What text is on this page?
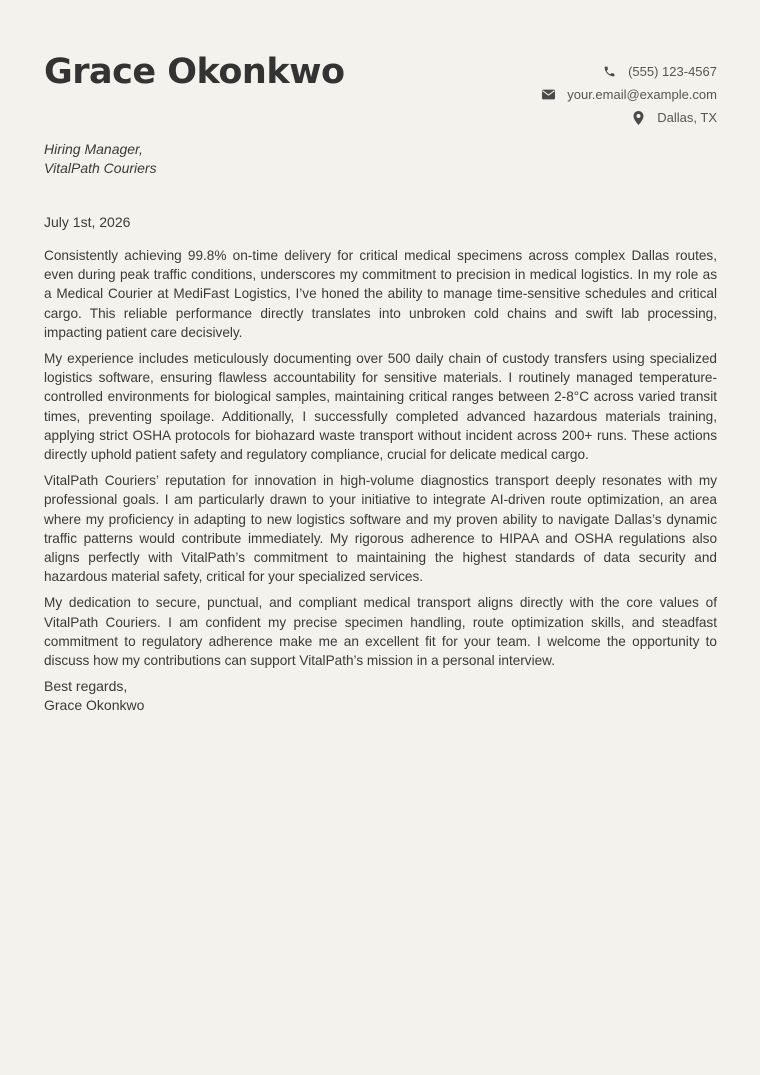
Grace Okonkwo	(555) 123-4567
your.email@example.com
Dallas, TX
Hiring Manager,
VitalPath Couriers
July 1st, 2026

Consistently achieving 99.8% on-time delivery for critical medical specimens across complex Dallas routes, even during peak traffic conditions, underscores my commitment to precision in medical logistics. In my role as a Medical Courier at MediFast Logistics, I’ve honed the ability to manage time-sensitive schedules and critical cargo. This reliable performance directly translates into unbroken cold chains and swift lab processing, impacting patient care decisively.

My experience includes meticulously documenting over 500 daily chain of custody transfers using specialized logistics software, ensuring flawless accountability for sensitive materials. I routinely managed temperature-controlled environments for biological samples, maintaining critical ranges between 2-8°C across varied transit times, preventing spoilage. Additionally, I successfully completed advanced hazardous materials training, applying strict OSHA protocols for biohazard waste transport without incident across 200+ runs. These actions directly uphold patient safety and regulatory compliance, crucial for delicate medical cargo.

VitalPath Couriers’ reputation for innovation in high-volume diagnostics transport deeply resonates with my professional goals. I am particularly drawn to your initiative to integrate AI-driven route optimization, an area where my proficiency in adapting to new logistics software and my proven ability to navigate Dallas’s dynamic traffic patterns would contribute immediately. My rigorous adherence to HIPAA and OSHA regulations also aligns perfectly with VitalPath’s commitment to maintaining the highest standards of data security and hazardous material safety, critical for your specialized services.

My dedication to secure, punctual, and compliant medical transport aligns directly with the core values of VitalPath Couriers. I am confident my precise specimen handling, route optimization skills, and steadfast commitment to regulatory adherence make me an excellent fit for your team. I welcome the opportunity to discuss how my contributions can support VitalPath’s mission in a personal interview.

Best regards,
Grace Okonkwo
